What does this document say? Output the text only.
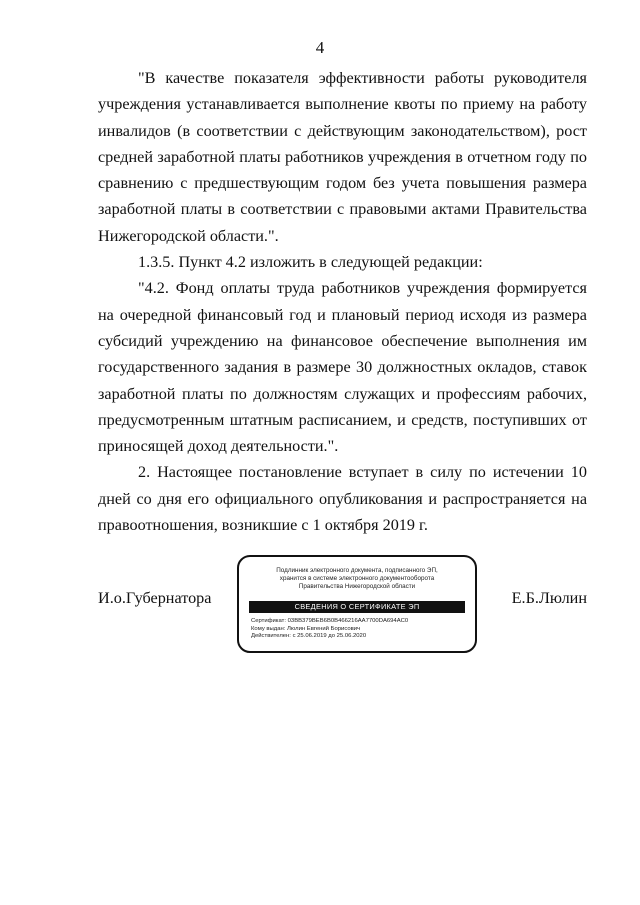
4

"В качестве показателя эффективности работы руководителя учреждения устанавливается выполнение квоты по приему на работу инвалидов (в соответствии с действующим законодательством), рост средней заработной платы работников учреждения в отчетном году по сравнению с предшествующим годом без учета повышения размера заработной платы в соответствии с правовыми актами Правительства Нижегородской области.".

1.3.5. Пункт 4.2 изложить в следующей редакции:

"4.2. Фонд оплаты труда работников учреждения формируется на очередной финансовый год и плановый период исходя из размера субсидий учреждению на финансовое обеспечение выполнения им государственного задания в размере 30 должностных окладов, ставок заработной платы по должностям служащих и профессиям рабочих, предусмотренным штатным расписанием, и средств, поступивших от приносящей доход деятельности.".

2. Настоящее постановление вступает в силу по истечении 10 дней со дня его официального опубликования и распространяется на правоотношения, возникшие с 1 октября 2019 г.

И.о.Губернатора	Е.Б.Люлин
Подлинник электронного документа, подписанного ЭП,
хранится в системе электронного документооборота
Правительства Нижегородской области
СВЕДЕНИЯ О СЕРТИФИКАТЕ ЭП
Сертификат: 03BB379BEB6B0B466216AA7700DA694AC0
Кому выдан: Люлин Евгений Борисович
Действителен: с 25.06.2019 до 25.06.2020
